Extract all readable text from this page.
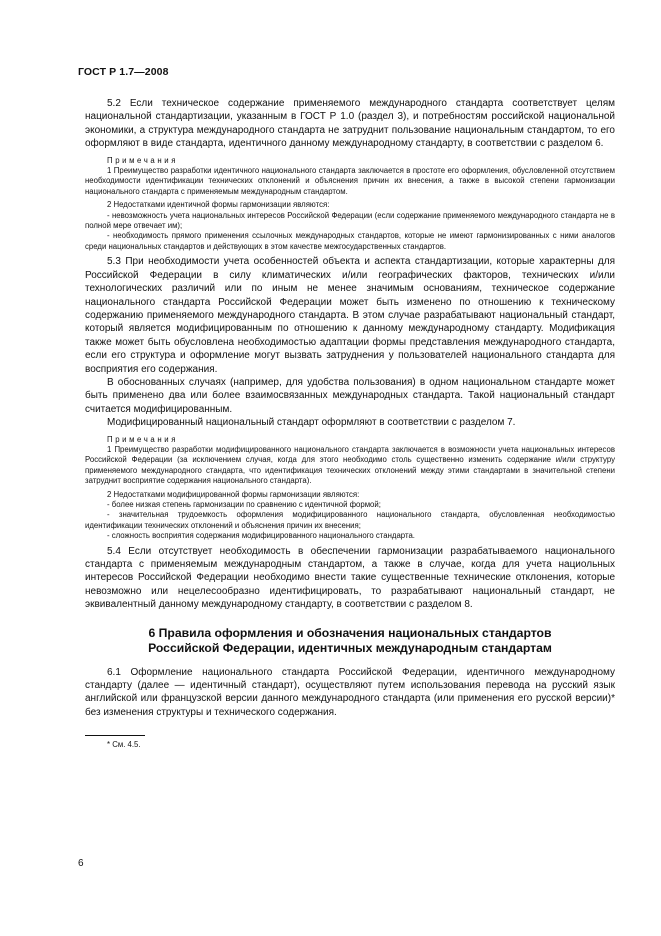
ГОСТ Р 1.7—2008

5.2 Если техническое содержание применяемого международного стандарта соответствует целям национальной стандартизации, указанным в ГОСТ Р 1.0 (раздел 3), и потребностям российской национальной экономики, а структура международного стандарта не затруднит пользование национальным стандартом, то его оформляют в виде стандарта, идентичного данному международному стандарту, в соответствии с разделом 6.

Примечания

1 Преимущество разработки идентичного национального стандарта заключается в простоте его оформления, обусловленной отсутствием необходимости идентификации технических отклонений и объяснения причин их внесения, а также в высокой степени гармонизации национального стандарта с применяемым международным стандартом.

2 Недостатками идентичной формы гармонизации являются:

- невозможность учета национальных интересов Российской Федерации (если содержание применяемого международного стандарта не в полной мере отвечает им);

- необходимость прямого применения ссылочных международных стандартов, которые не имеют гармонизированных с ними аналогов среди национальных стандартов и действующих в этом качестве межгосударственных стандартов.

5.3 При необходимости учета особенностей объекта и аспекта стандартизации, которые характерны для Российской Федерации в силу климатических и/или географических факторов, технических и/или технологических различий или по иным не менее значимым основаниям, техническое содержание национального стандарта Российской Федерации может быть изменено по отношению к техническому содержанию применяемого международного стандарта. В этом случае разрабатывают национальный стандарт, который является модифицированным по отношению к данному международному стандарту. Модификация также может быть обусловлена необходимостью адаптации формы представления международного стандарта, если его структура и оформление могут вызвать затруднения у пользователей национального стандарта для восприятия его содержания.

В обоснованных случаях (например, для удобства пользования) в одном национальном стандарте может быть применено два или более взаимосвязанных международных стандарта. Такой национальный стандарт считается модифицированным.

Модифицированный национальный стандарт оформляют в соответствии с разделом 7.

Примечания

1 Преимущество разработки модифицированного национального стандарта заключается в возможности учета национальных интересов Российской Федерации (за исключением случая, когда для этого необходимо столь существенно изменить содержание и/или структуру применяемого международного стандарта, что идентификация технических отклонений между этими стандартами в значительной степени затруднит восприятие содержания национального стандарта).

2 Недостатками модифицированной формы гармонизации являются:

- более низкая степень гармонизации по сравнению с идентичной формой;

- значительная трудоемкость оформления модифицированного национального стандарта, обусловленная необходимостью идентификации технических отклонений и объяснения причин их внесения;

- сложность восприятия содержания модифицированного национального стандарта.

5.4 Если отсутствует необходимость в обеспечении гармонизации разрабатываемого национального стандарта с применяемым международным стандартом, а также в случае, когда для учета нациольных интересов Российской Федерации необходимо внести такие существенные технические отклонения, которые невозможно или нецелесообразно идентифицировать, то разрабатывают национальный стандарт, не эквивалентный данному международному стандарту, в соответствии с разделом 8.

6 Правила оформления и обозначения национальных стандартов
Российской Федерации, идентичных международным стандартам

6.1 Оформление национального стандарта Российской Федерации, идентичного международному стандарту (далее — идентичный стандарт), осуществляют путем использования перевода на русский язык английской или французской версии данного международного стандарта (или применения его русской версии)* без изменения структуры и технического содержания.

* См. 4.5.

6
